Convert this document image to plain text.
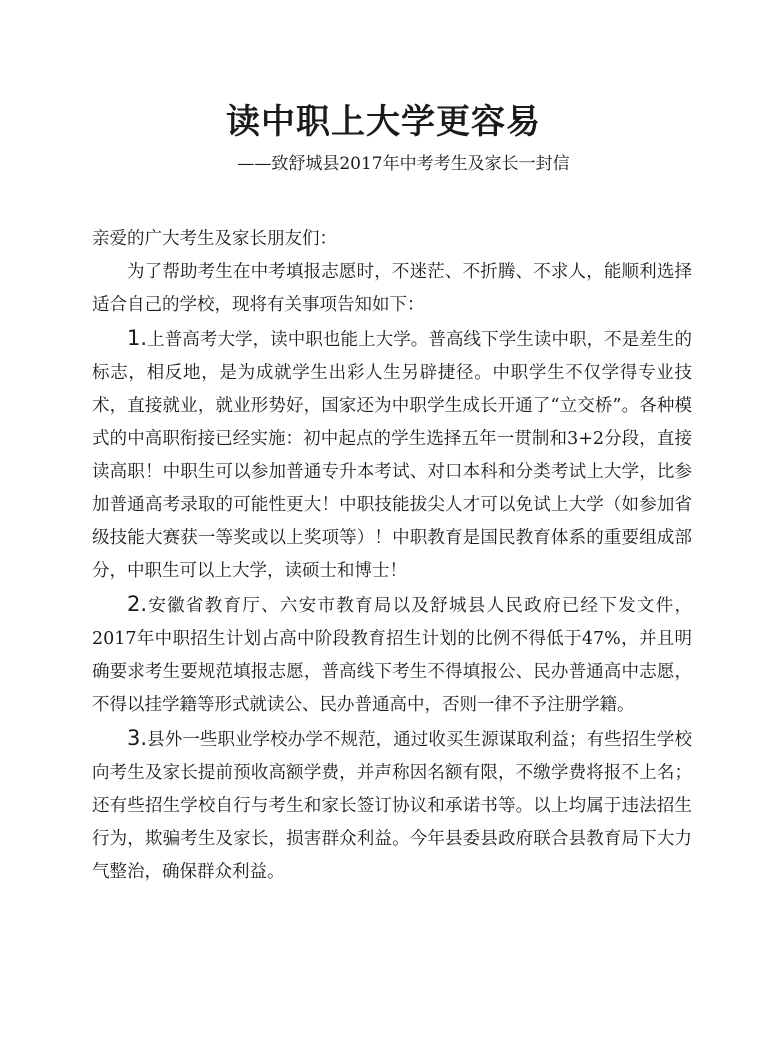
读中职上大学更容易

——致舒城县2017年中考考生及家长一封信

亲爱的广大考生及家长朋友们：

为了帮助考生在中考填报志愿时，不迷茫、不折腾、不求人，能顺利选择适合自己的学校，现将有关事项告知如下：

1.上普高考大学，读中职也能上大学。普高线下学生读中职，不是差生的标志，相反地，是为成就学生出彩人生另辟捷径。中职学生不仅学得专业技术，直接就业，就业形势好，国家还为中职学生成长开通了“立交桥”。各种模式的中高职衔接已经实施：初中起点的学生选择五年一贯制和3+2分段，直接读高职！中职生可以参加普通专升本考试、对口本科和分类考试上大学，比参加普通高考录取的可能性更大！中职技能拔尖人才可以免试上大学（如参加省级技能大赛获一等奖或以上奖项等）！中职教育是国民教育体系的重要组成部分，中职生可以上大学，读硕士和博士！

2.安徽省教育厅、六安市教育局以及舒城县人民政府已经下发文件，2017年中职招生计划占高中阶段教育招生计划的比例不得低于47%，并且明确要求考生要规范填报志愿，普高线下考生不得填报公、民办普通高中志愿，不得以挂学籍等形式就读公、民办普通高中，否则一律不予注册学籍。

3.县外一些职业学校办学不规范，通过收买生源谋取利益；有些招生学校向考生及家长提前预收高额学费，并声称因名额有限，不缴学费将报不上名；还有些招生学校自行与考生和家长签订协议和承诺书等。以上均属于违法招生行为，欺骗考生及家长，损害群众利益。今年县委县政府联合县教育局下大力气整治，确保群众利益。
